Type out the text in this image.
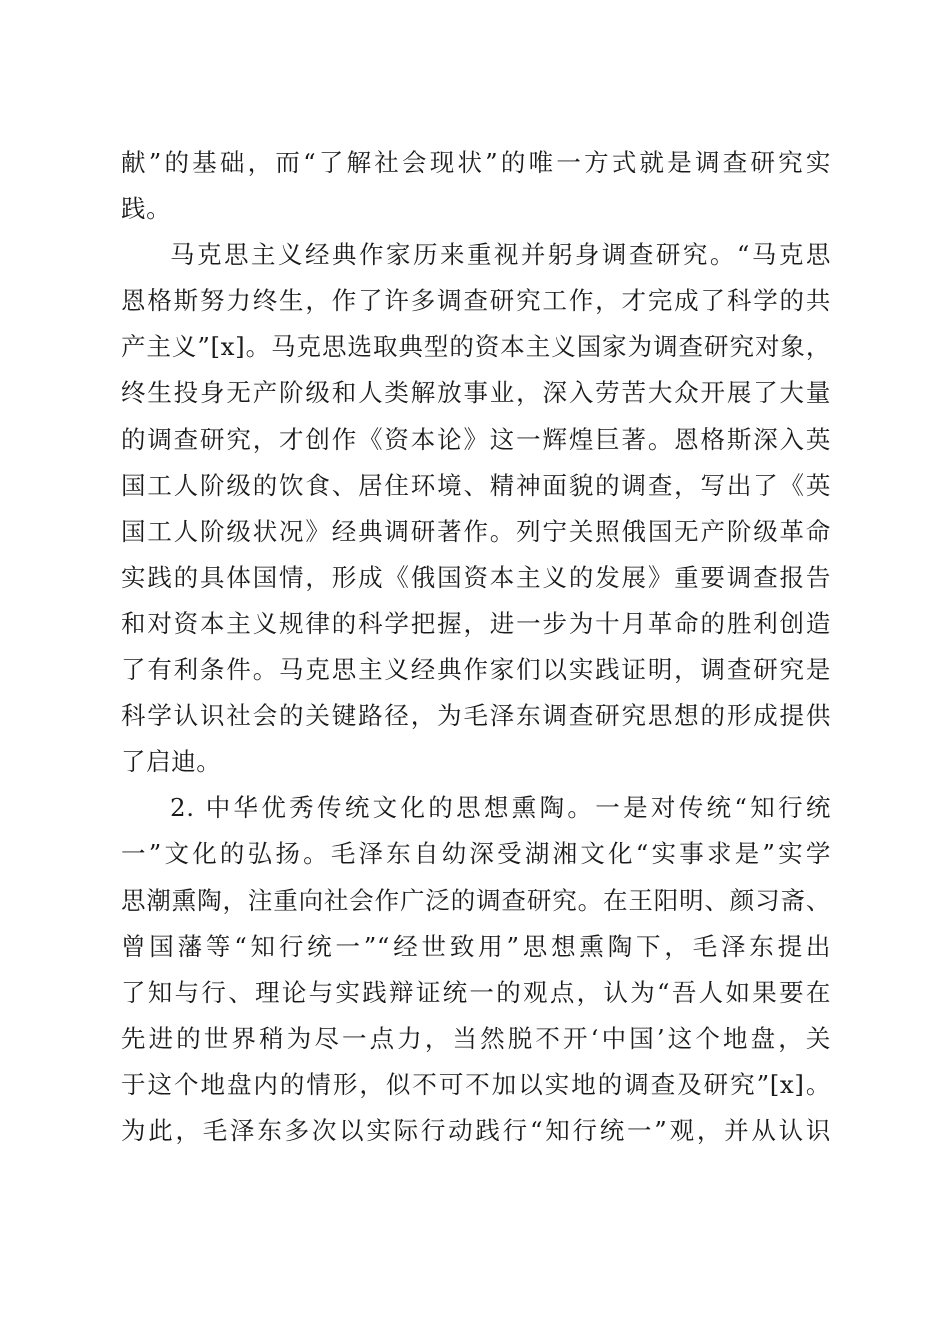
献”的基础，而“了解社会现状”的唯一方式就是调查研究实
践。
马克思主义经典作家历来重视并躬身调查研究。“马克思
恩格斯努力终生，作了许多调查研究工作，才完成了科学的共
产主义”[x]。马克思选取典型的资本主义国家为调查研究对象，
终生投身无产阶级和人类解放事业，深入劳苦大众开展了大量
的调查研究，才创作《资本论》这一辉煌巨著。恩格斯深入英
国工人阶级的饮食、居住环境、精神面貌的调查，写出了《英
国工人阶级状况》经典调研著作。列宁关照俄国无产阶级革命
实践的具体国情，形成《俄国资本主义的发展》重要调查报告
和对资本主义规律的科学把握，进一步为十月革命的胜利创造
了有利条件。马克思主义经典作家们以实践证明，调查研究是
科学认识社会的关键路径，为毛泽东调查研究思想的形成提供
了启迪。
2. 中华优秀传统文化的思想熏陶。一是对传统“知行统
一”文化的弘扬。毛泽东自幼深受湖湘文化“实事求是”实学
思潮熏陶，注重向社会作广泛的调查研究。在王阳明、颜习斋、
曾国藩等“知行统一”“经世致用”思想熏陶下，毛泽东提出
了知与行、理论与实践辩证统一的观点，认为“吾人如果要在
先进的世界稍为尽一点力，当然脱不开‘中国’这个地盘，关
于这个地盘内的情形，似不可不加以实地的调查及研究”[x]。
为此，毛泽东多次以实际行动践行“知行统一”观，并从认识
